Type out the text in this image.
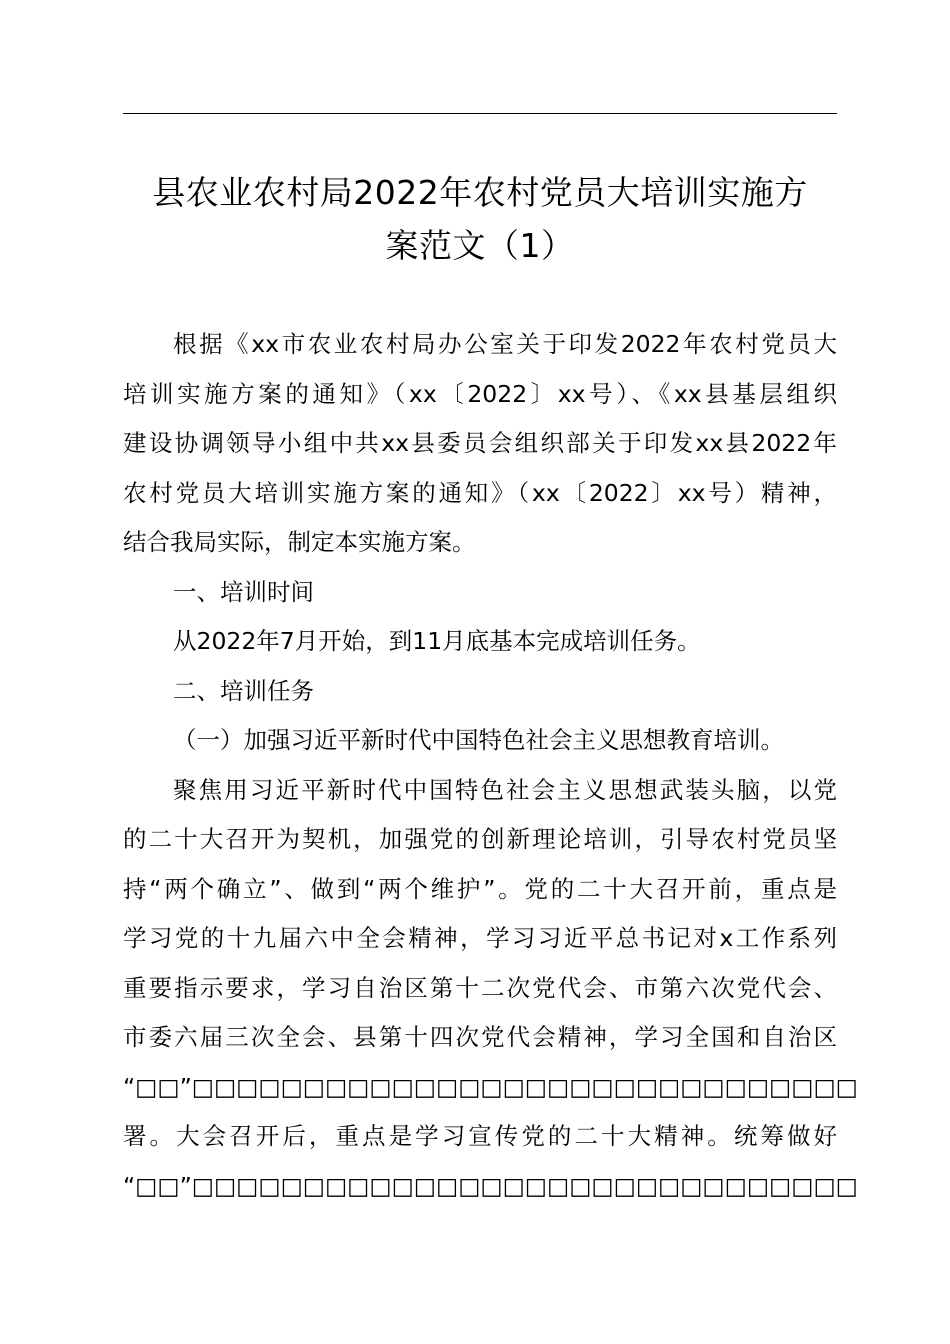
县农业农村局2022年农村党员大培训实施方
案范文（1）
根据《xx市农业农村局办公室关于印发2022年农村党员大
培训实施方案的通知》（xx〔2022〕xx号）、《xx县基层组织
建设协调领导小组中共xx县委员会组织部关于印发xx县2022年
农村党员大培训实施方案的通知》（xx〔2022〕xx号）精神，
结合我局实际，制定本实施方案。
一、培训时间
从2022年7月开始，到11月底基本完成培训任务。
二、培训任务
（一）加强习近平新时代中国特色社会主义思想教育培训。
聚焦用习近平新时代中国特色社会主义思想武装头脑，以党
的二十大召开为契机，加强党的创新理论培训，引导农村党员坚
持“两个确立”、做到“两个维护”。党的二十大召开前，重点是
学习党的十九届六中全会精神，学习习近平总书记对x工作系列
重要指示要求，学习自治区第十二次党代会、市第六次党代会、
市委六届三次全会、县第十四次党代会精神，学习全国和自治区
“□□”□□□□□□□□□□□□□□□□□□□□□□□□□□□□□□
署。大会召开后，重点是学习宣传党的二十大精神。统筹做好
“□□”□□□□□□□□□□□□□□□□□□□□□□□□□□□□□□
